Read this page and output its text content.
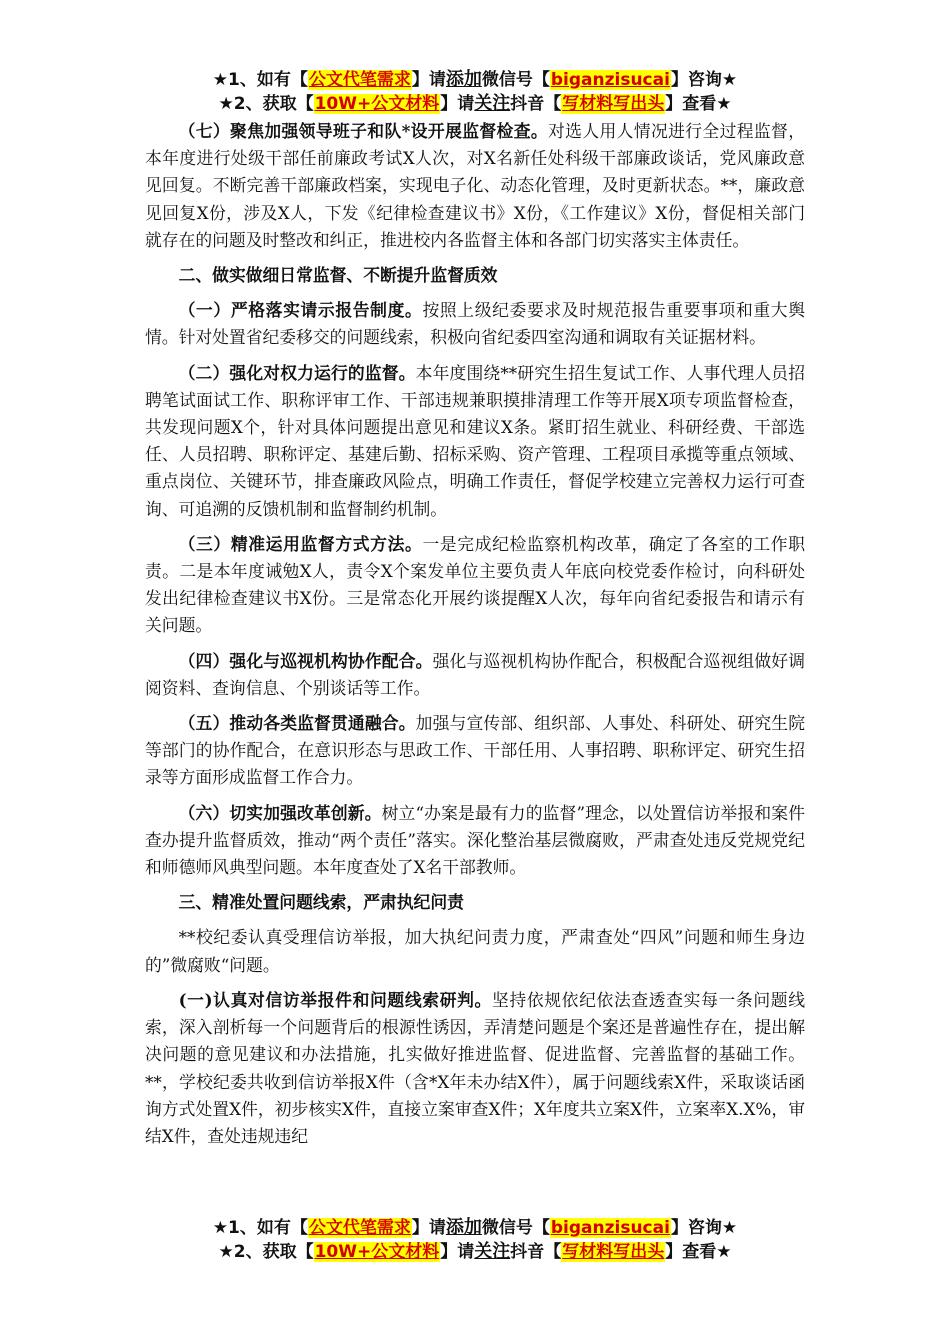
★1、如有【公文代笔需求】请添加微信号【biganzisucai】咨询★
★2、获取【10W+公文材料】请关注抖音【写材料写出头】查看★

（七）聚焦加强领导班子和队*设开展监督检查。对选人用人情况进行全过程监督，本年度进行处级干部任前廉政考试X人次，对X名新任处科级干部廉政谈话，党风廉政意见回复。不断完善干部廉政档案，实现电子化、动态化管理，及时更新状态。**，廉政意见回复X份，涉及X人，下发《纪律检查建议书》X份，《工作建议》X份，督促相关部门就存在的问题及时整改和纠正，推进校内各监督主体和各部门切实落实主体责任。

二、做实做细日常监督、不断提升监督质效

（一）严格落实请示报告制度。按照上级纪委要求及时规范报告重要事项和重大舆情。针对处置省纪委移交的问题线索，积极向省纪委四室沟通和调取有关证据材料。

（二）强化对权力运行的监督。本年度围绕**研究生招生复试工作、人事代理人员招聘笔试面试工作、职称评审工作、干部违规兼职摸排清理工作等开展X项专项监督检查，共发现问题X个，针对具体问题提出意见和建议X条。紧盯招生就业、科研经费、干部选任、人员招聘、职称评定、基建后勤、招标采购、资产管理、工程项目承揽等重点领域、重点岗位、关键环节，排查廉政风险点，明确工作责任，督促学校建立完善权力运行可查询、可追溯的反馈机制和监督制约机制。

（三）精准运用监督方式方法。一是完成纪检监察机构改革，确定了各室的工作职责。二是本年度诫勉X人，责令X个案发单位主要负责人年底向校党委作检讨，向科研处发出纪律检查建议书X份。三是常态化开展约谈提醒X人次，每年向省纪委报告和请示有关问题。

（四）强化与巡视机构协作配合。强化与巡视机构协作配合，积极配合巡视组做好调阅资料、查询信息、个别谈话等工作。

（五）推动各类监督贯通融合。加强与宣传部、组织部、人事处、科研处、研究生院等部门的协作配合，在意识形态与思政工作、干部任用、人事招聘、职称评定、研究生招录等方面形成监督工作合力。

（六）切实加强改革创新。树立“办案是最有力的监督”理念，以处置信访举报和案件查办提升监督质效，推动“两个责任”落实。深化整治基层微腐败，严肃查处违反党规党纪和师德师风典型问题。本年度查处了X名干部教师。

三、精准处置问题线索，严肃执纪问责

**校纪委认真受理信访举报，加大执纪问责力度，严肃查处“四风”问题和师生身边的”微腐败“问题。

(一)认真对信访举报件和问题线索研判。坚持依规依纪依法查透查实每一条问题线索，深入剖析每一个问题背后的根源性诱因，弄清楚问题是个案还是普遍性存在，提出解决问题的意见建议和办法措施，扎实做好推进监督、促进监督、完善监督的基础工作。**，学校纪委共收到信访举报X件（含*X年未办结X件），属于问题线索X件，采取谈话函询方式处置X件，初步核实X件，直接立案审查X件；X年度共立案X件，立案率X.X%，审结X件，查处违规违纪

★1、如有【公文代笔需求】请添加微信号【biganzisucai】咨询★
★2、获取【10W+公文材料】请关注抖音【写材料写出头】查看★
